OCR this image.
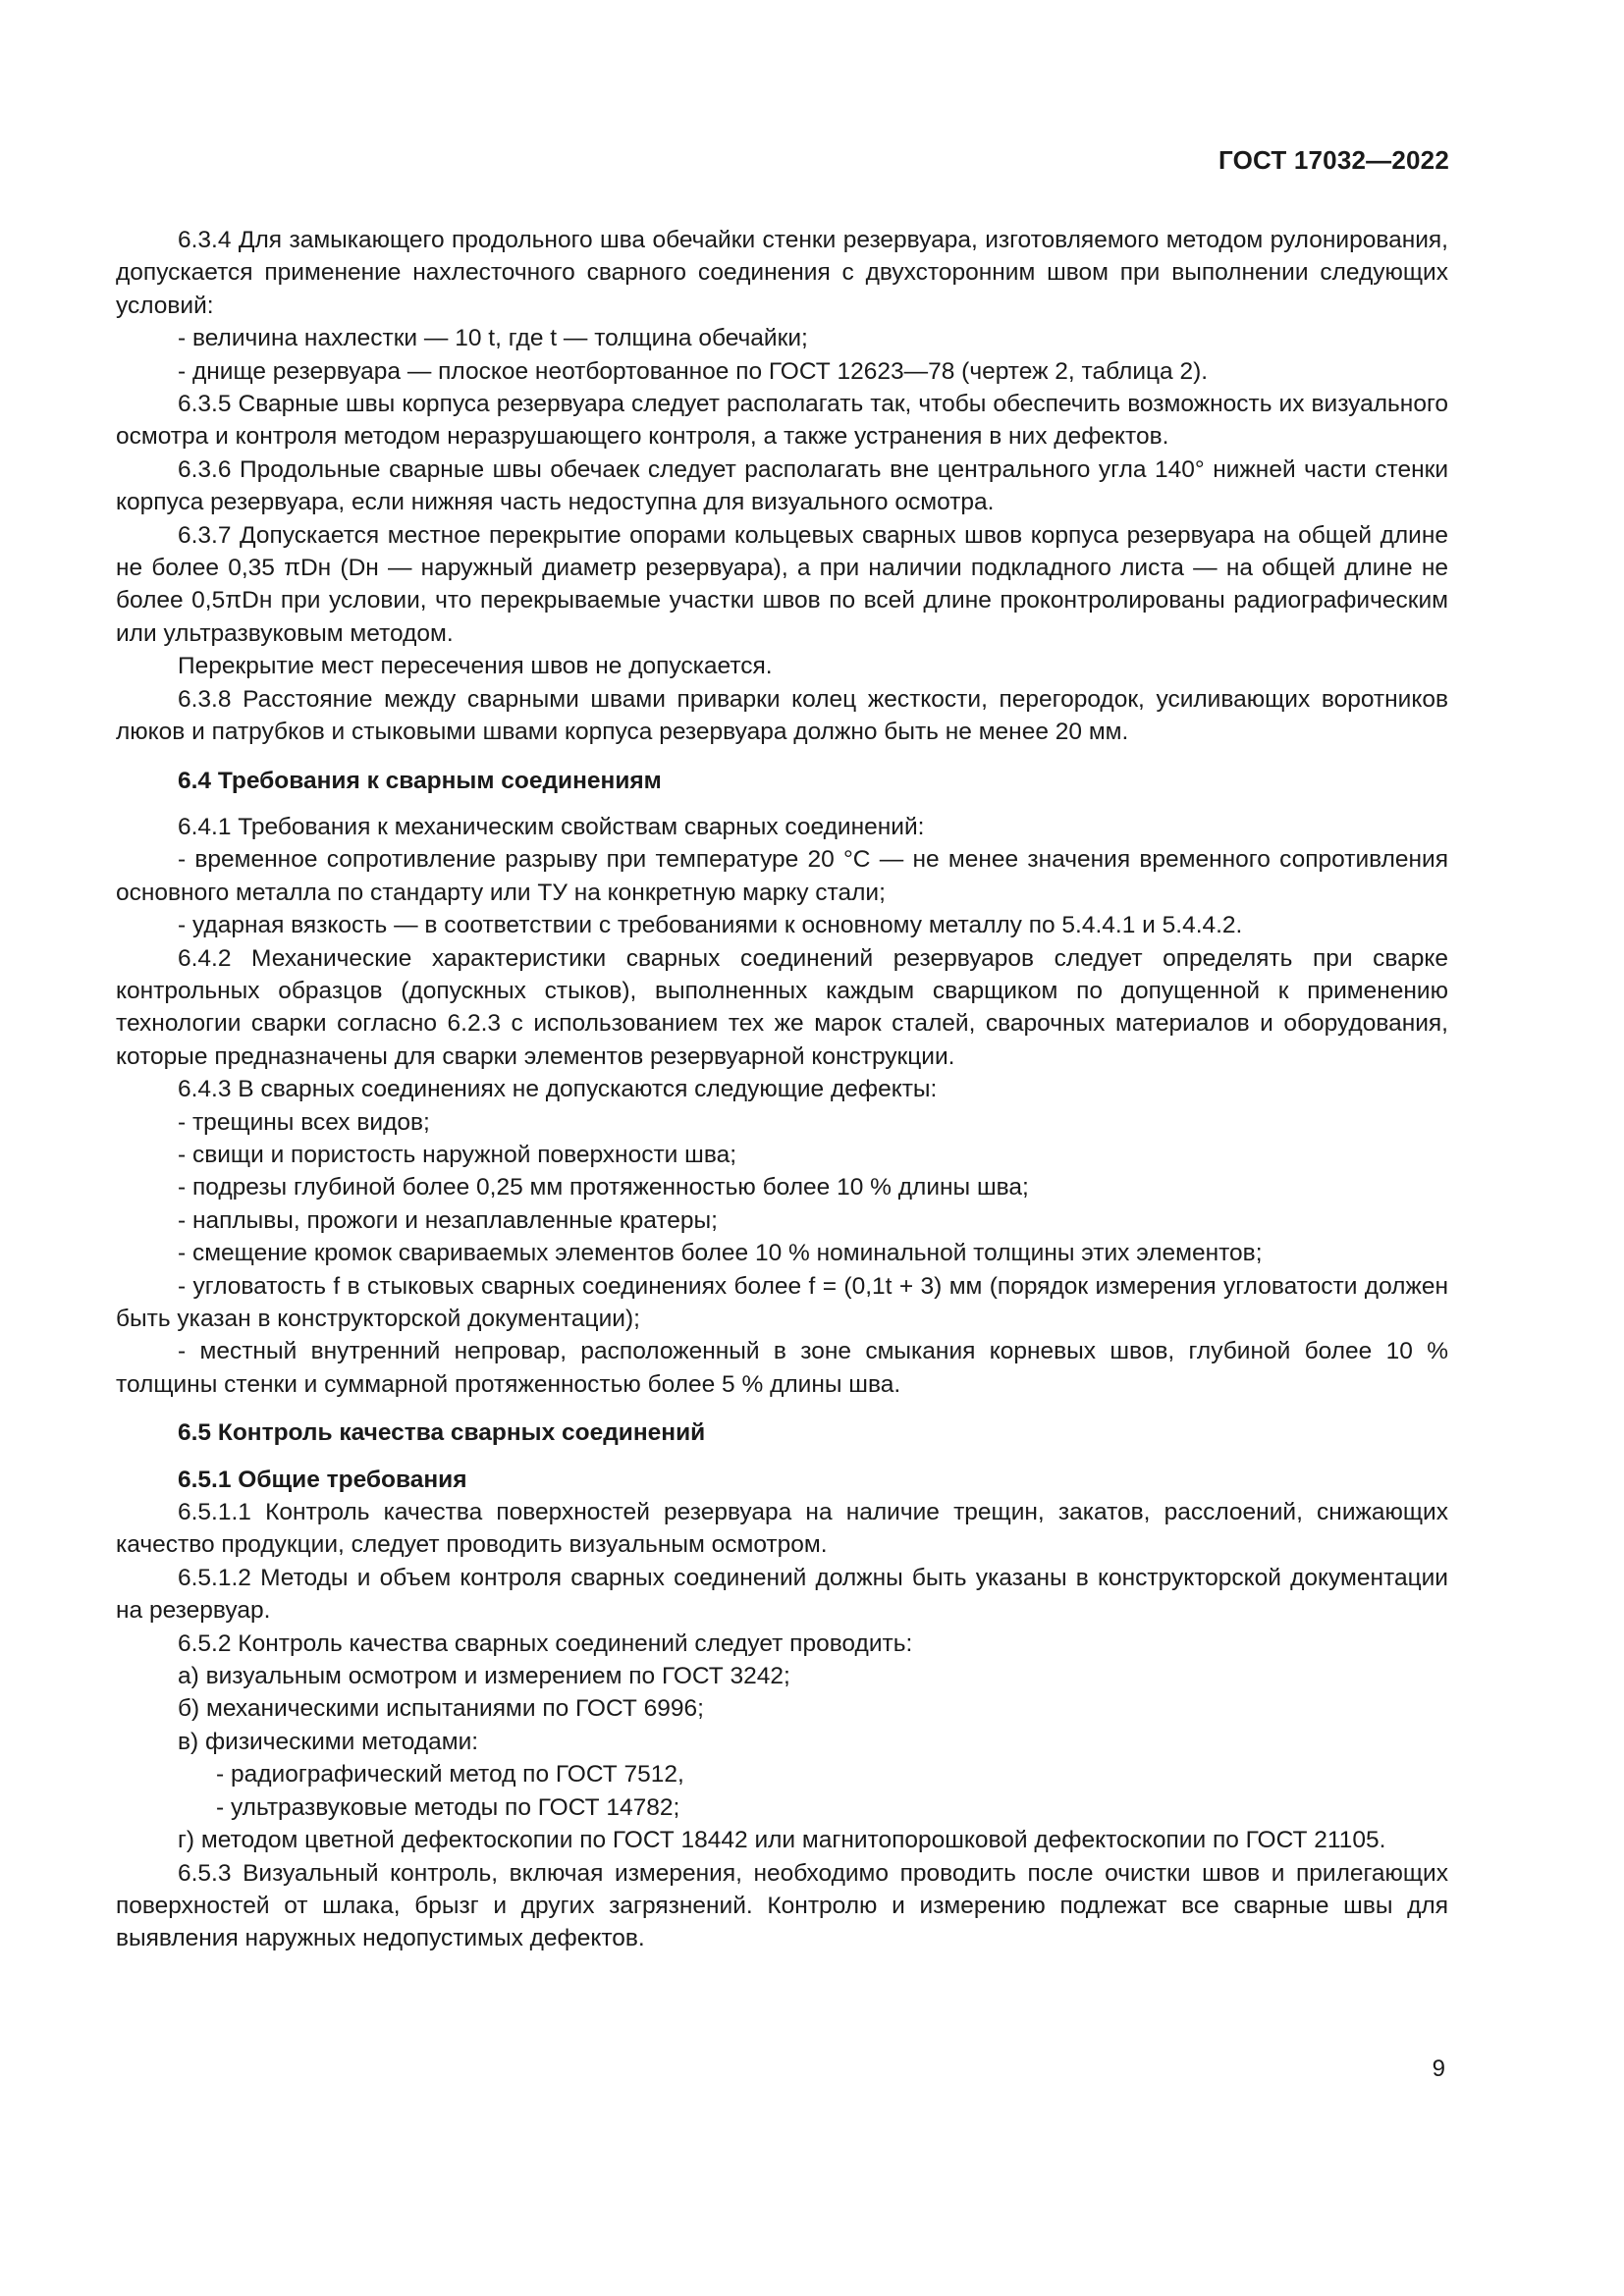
ГОСТ 17032—2022

6.3.4 Для замыкающего продольного шва обечайки стенки резервуара, изготовляемого методом рулонирования, допускается применение нахлесточного сварного соединения с двухсторонним швом при выполнении следующих условий:

- величина нахлестки — 10 t, где t — толщина обечайки;

- днище резервуара — плоское неотбортованное по ГОСТ 12623—78 (чертеж 2, таблица 2).

6.3.5 Сварные швы корпуса резервуара следует располагать так, чтобы обеспечить возможность их визуального осмотра и контроля методом неразрушающего контроля, а также устранения в них дефектов.

6.3.6 Продольные сварные швы обечаек следует располагать вне центрального угла 140° нижней части стенки корпуса резервуара, если нижняя часть недоступна для визуального осмотра.

6.3.7 Допускается местное перекрытие опорами кольцевых сварных швов корпуса резервуара на общей длине не более 0,35 πDн (Dн — наружный диаметр резервуара), а при наличии подкладного листа — на общей длине не более 0,5πDн при условии, что перекрываемые участки швов по всей длине проконтролированы радиографическим или ультразвуковым методом.

Перекрытие мест пересечения швов не допускается.

6.3.8 Расстояние между сварными швами приварки колец жесткости, перегородок, усиливающих воротников люков и патрубков и стыковыми швами корпуса резервуара должно быть не менее 20 мм.

6.4 Требования к сварным соединениям

6.4.1 Требования к механическим свойствам сварных соединений:

- временное сопротивление разрыву при температуре 20 °С — не менее значения временного сопротивления основного металла по стандарту или ТУ на конкретную марку стали;

- ударная вязкость — в соответствии с требованиями к основному металлу по 5.4.4.1 и 5.4.4.2.

6.4.2 Механические характеристики сварных соединений резервуаров следует определять при сварке контрольных образцов (допускных стыков), выполненных каждым сварщиком по допущенной к применению технологии сварки согласно 6.2.3 с использованием тех же марок сталей, сварочных материалов и оборудования, которые предназначены для сварки элементов резервуарной конструкции.

6.4.3 В сварных соединениях не допускаются следующие дефекты:

- трещины всех видов;

- свищи и пористость наружной поверхности шва;

- подрезы глубиной более 0,25 мм протяженностью более 10 % длины шва;

- наплывы, прожоги и незаплавленные кратеры;

- смещение кромок свариваемых элементов более 10 % номинальной толщины этих элементов;

- угловатость f в стыковых сварных соединениях более f = (0,1t + 3) мм (порядок измерения угловатости должен быть указан в конструкторской документации);

- местный внутренний непровар, расположенный в зоне смыкания корневых швов, глубиной более 10 % толщины стенки и суммарной протяженностью более 5 % длины шва.

6.5 Контроль качества сварных соединений

6.5.1 Общие требования

6.5.1.1 Контроль качества поверхностей резервуара на наличие трещин, закатов, расслоений, снижающих качество продукции, следует проводить визуальным осмотром.

6.5.1.2 Методы и объем контроля сварных соединений должны быть указаны в конструкторской документации на резервуар.

6.5.2 Контроль качества сварных соединений следует проводить:

а) визуальным осмотром и измерением по ГОСТ 3242;

б) механическими испытаниями по ГОСТ 6996;

в) физическими методами:

- радиографический метод по ГОСТ 7512,

- ультразвуковые методы по ГОСТ 14782;

г) методом цветной дефектоскопии по ГОСТ 18442 или магнитопорошковой дефектоскопии по ГОСТ 21105.

6.5.3 Визуальный контроль, включая измерения, необходимо проводить после очистки швов и прилегающих поверхностей от шлака, брызг и других загрязнений. Контролю и измерению подлежат все сварные швы для выявления наружных недопустимых дефектов.

9
